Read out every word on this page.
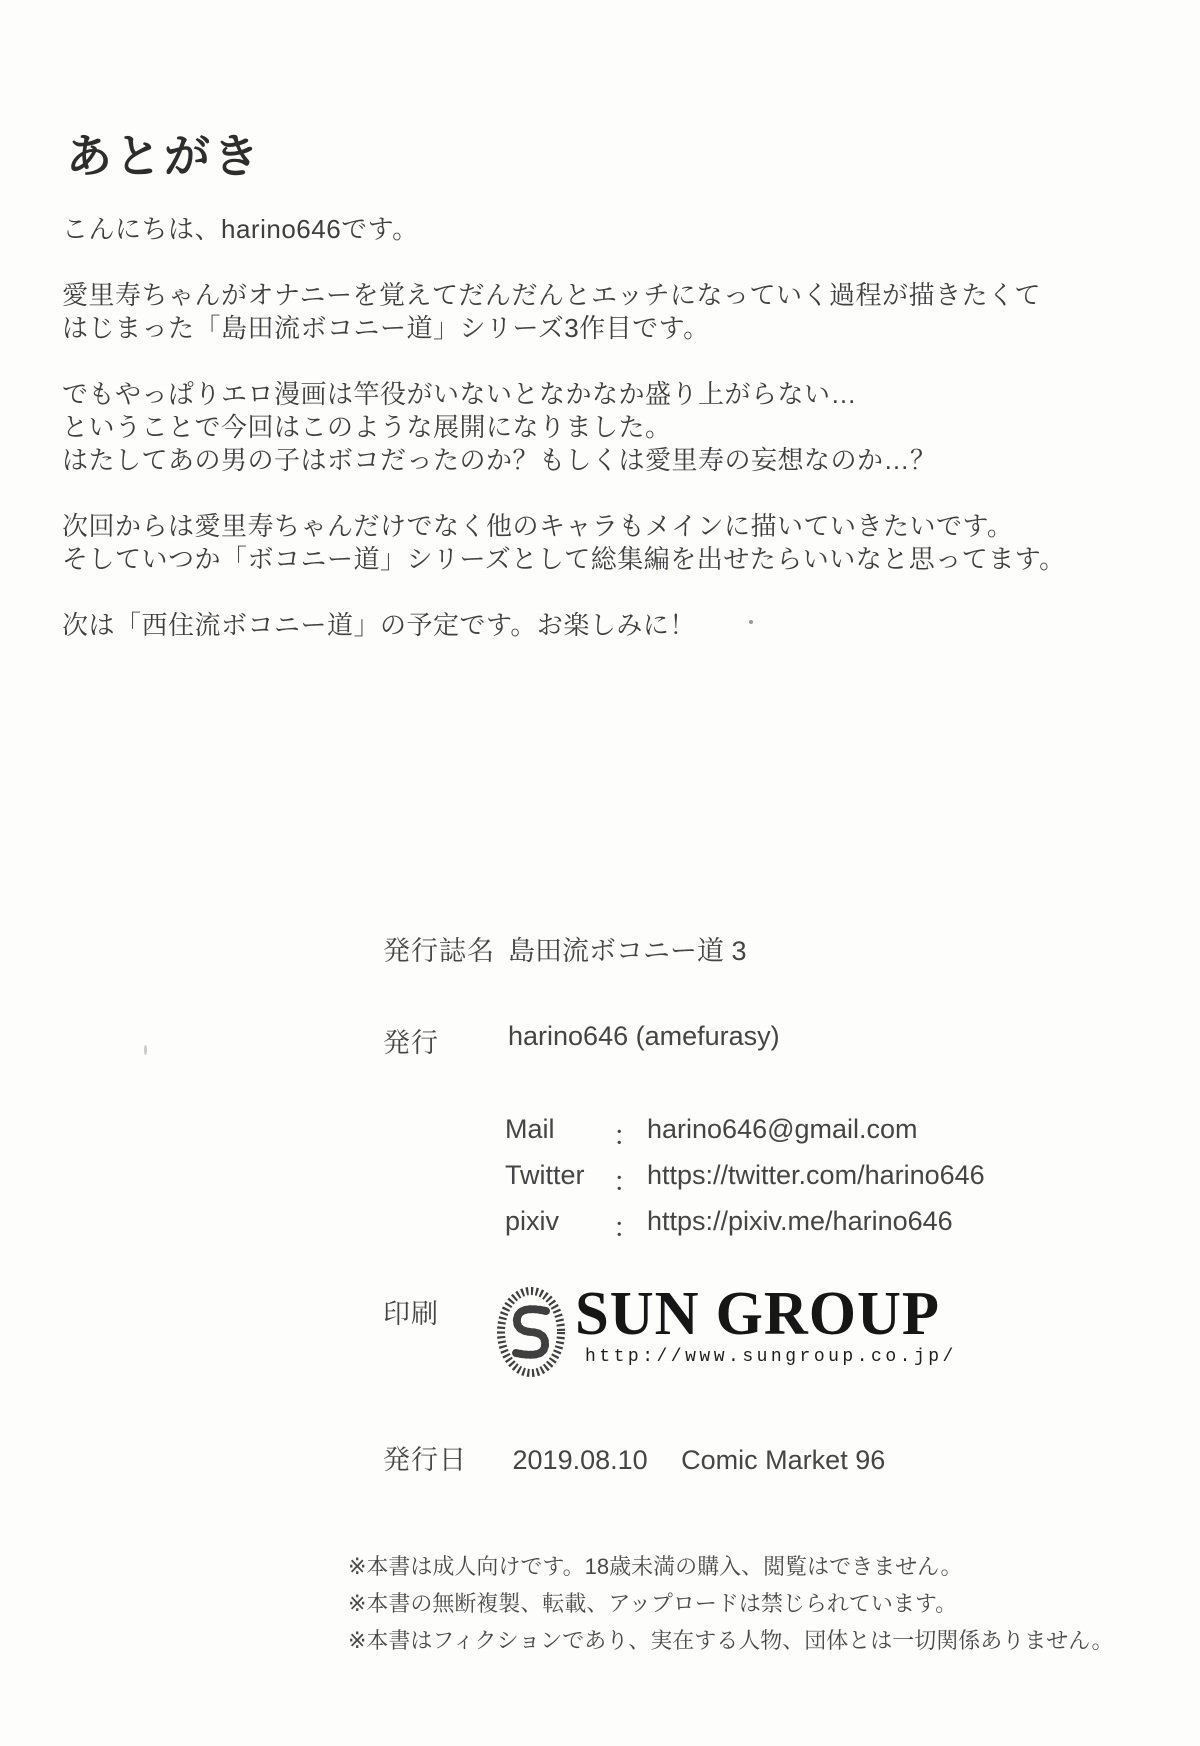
あとがき

こんにちは、harino646です。

愛里寿ちゃんがオナニーを覚えてだんだんとエッチになっていく過程が描きたくて
はじまった「島田流ボコニー道」シリーズ3作目です。

でもやっぱりエロ漫画は竿役がいないとなかなか盛り上がらない…
ということで今回はこのような展開になりました。
はたしてあの男の子はボコだったのか？もしくは愛里寿の妄想なのか…？

次回からは愛里寿ちゃんだけでなく他のキャラもメインに描いていきたいです。
そしていつか「ボコニー道」シリーズとして総集編を出せたらいいなと思ってます。

次は「西住流ボコニー道」の予定です。お楽しみに！

発行誌名 島田流ボコニー道 3
発行	harino646 (amefurasy)
Mail	： harino646@gmail.com
Twitter	： https://twitter.com/harino646
pixiv	： https://pixiv.me/harino646
印刷 SUN GROUP
http://www.sungroup.co.jp/
発行日 2019.08.10 Comic Market 96
※本書は成人向けです。18歳未満の購入、閲覧はできません。
※本書の無断複製、転載、アップロードは禁じられています。
※本書はフィクションであり、実在する人物、団体とは一切関係ありません。
